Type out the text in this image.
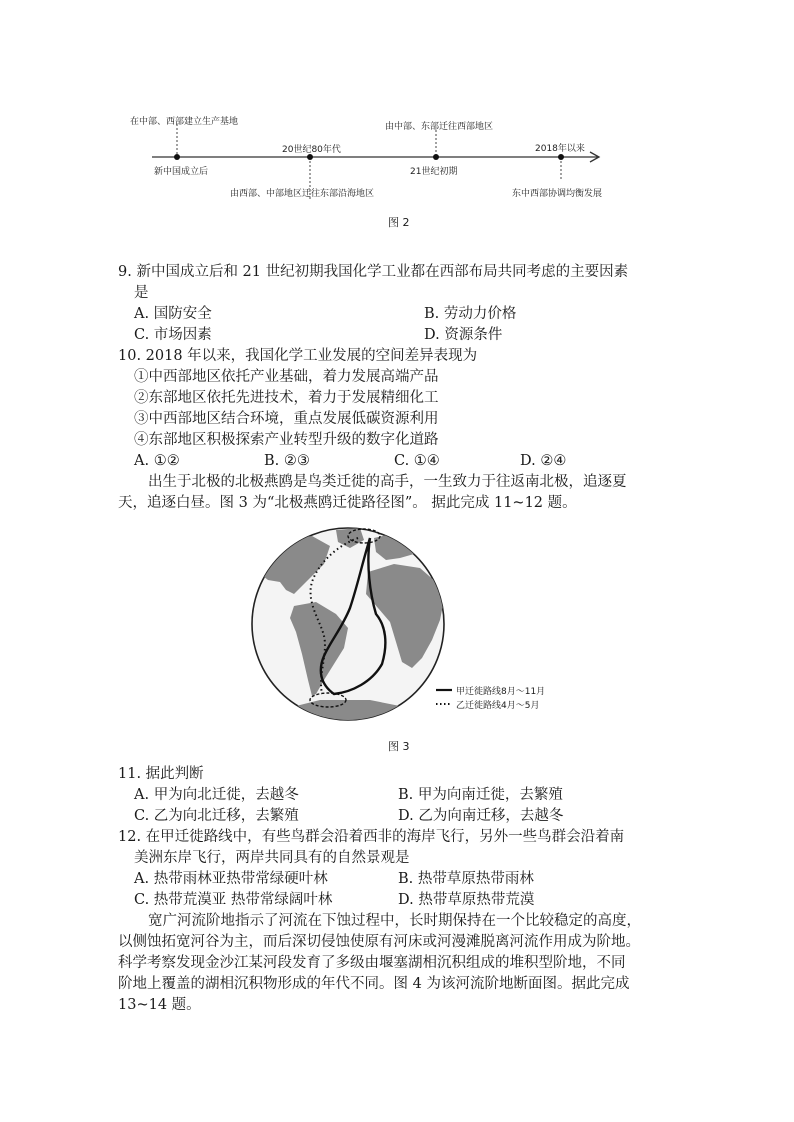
在中部、西部建立生产基地
新中国成立后
20世纪80年代
由西部、中部地区迁往东部沿海地区
由中部、东部迁往西部地区
21世纪初期
2018年以来
东中西部协调均衡发展
图 2
9. 新中国成立后和 21 世纪初期我国化学工业都在西部布局共同考虑的主要因素
是
A. 国防安全	B. 劳动力价格
C. 市场因素	D. 资源条件
10. 2018 年以来，我国化学工业发展的空间差异表现为
①中西部地区依托产业基础，着力发展高端产品
②东部地区依托先进技术，着力于发展精细化工
③中西部地区结合环境，重点发展低碳资源利用
④东部地区积极探索产业转型升级的数字化道路
A. ①②	B. ②③	C. ①④	D. ②④
出生于北极的北极燕鸥是鸟类迁徙的高手，一生致力于往返南北极，追逐夏
天，追逐白昼。图 3 为“北极燕鸥迁徙路径图”。 据此完成 11~12 题。
甲迁徙路线8月～11月
乙迁徙路线4月～5月
图 3
11. 据此判断
A. 甲为向北迁徙，去越冬	B. 甲为向南迁徙，去繁殖
C. 乙为向北迁移，去繁殖	D. 乙为向南迁移，去越冬
12. 在甲迁徙路线中，有些鸟群会沿着西非的海岸飞行，另外一些鸟群会沿着南
美洲东岸飞行，两岸共同具有的自然景观是
A. 热带雨林亚热带常绿硬叶林	B. 热带草原热带雨林
C. 热带荒漠亚 热带常绿阔叶林	D. 热带草原热带荒漠
宽广河流阶地指示了河流在下蚀过程中，长时期保持在一个比较稳定的高度，
以侧蚀拓宽河谷为主，而后深切侵蚀使原有河床或河漫滩脱离河流作用成为阶地。
科学考察发现金沙江某河段发育了多级由堰塞湖相沉积组成的堆积型阶地，不同
阶地上覆盖的湖相沉积物形成的年代不同。图 4 为该河流阶地断面图。据此完成
13~14 题。
